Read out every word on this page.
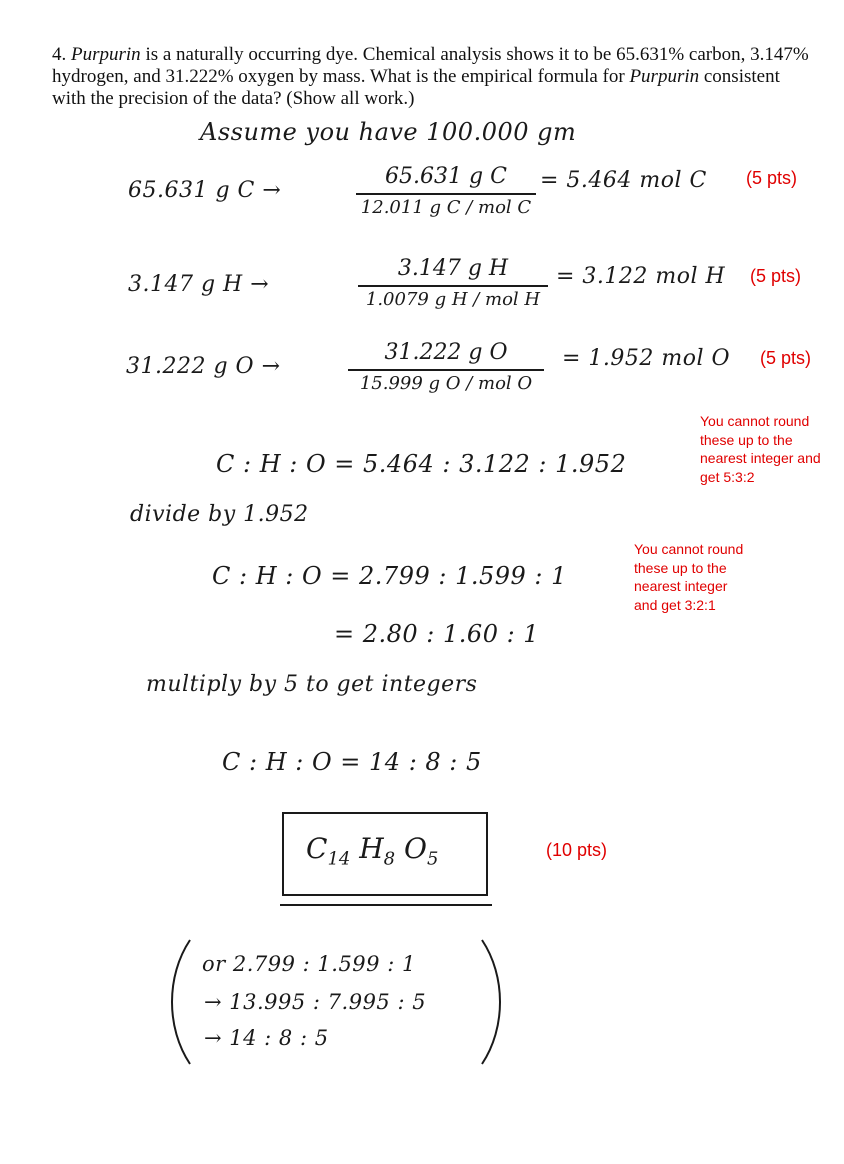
4. Purpurin is a naturally occurring dye. Chemical analysis shows it to be 65.631% carbon, 3.147% hydrogen, and 31.222% oxygen by mass. What is the empirical formula for Purpurin consistent with the precision of the data? (Show all work.)
Assume you have 100.000 gm
65.631 g C →
65.631 g C
12.011 g C / mol C
= 5.464 mol C (5 pts)
3.147 g H →
3.147 g H
1.0079 g H / mol H
= 3.122 mol H (5 pts)
31.222 g O →
31.222 g O
15.999 g O / mol O
= 1.952 mol O (5 pts)
You cannot round these up to the nearest integer and get 5:3:2
C : H : O = 5.464 : 3.122 : 1.952
divide by 1.952
You cannot round these up to the nearest integer and get 3:2:1
C : H : O = 2.799 : 1.599 : 1
= 2.80 : 1.60 : 1
multiply by 5 to get integers
C : H : O = 14 : 8 : 5
$C_{14}$ $H_8$ $O_5$	(10 pts)
or 2.799 : 1.599 : 1
→ 13.995 : 7.995 : 5
→ 14 : 8 : 5
